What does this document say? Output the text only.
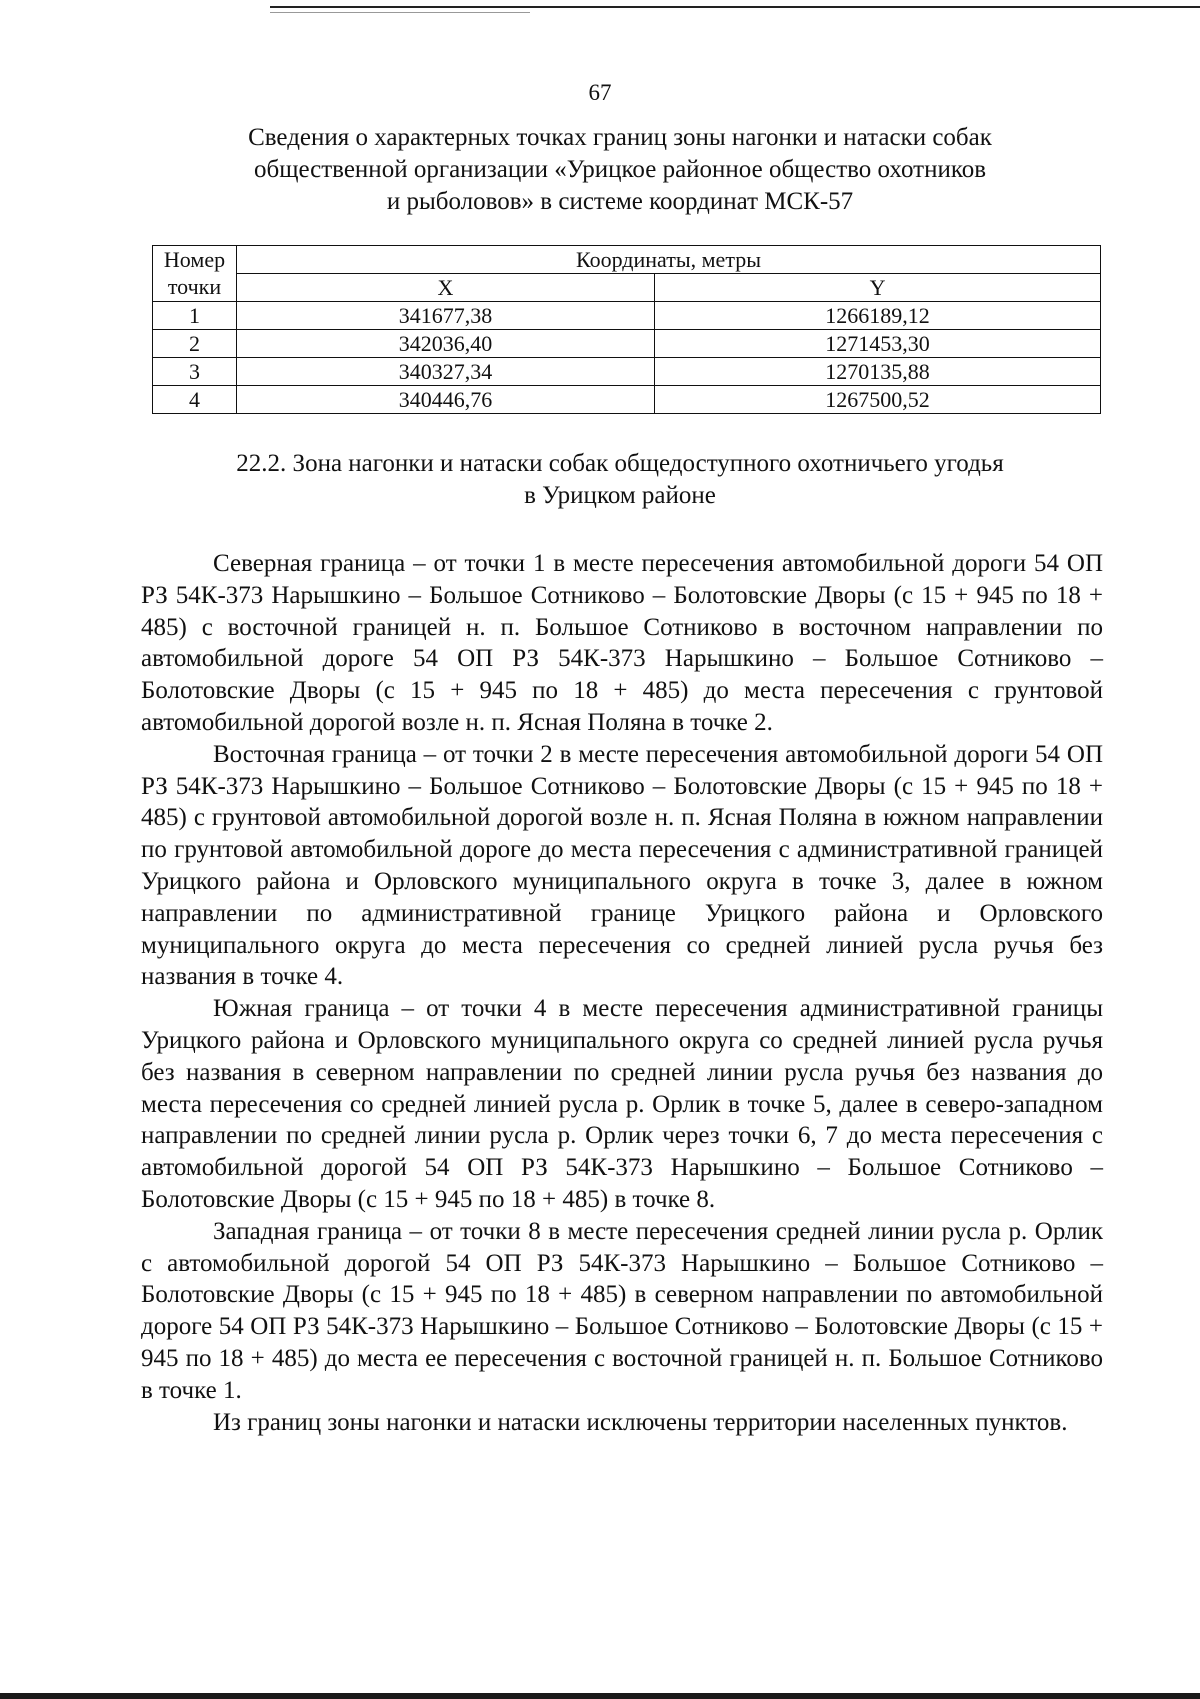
67
Сведения о характерных точках границ зоны нагонки и натаски собак
общественной организации «Урицкое районное общество охотников
и рыболовов» в системе координат МСК-57
Номер	Координаты, метры	
точки	X	Y
1	341677,38	1266189,12
2	342036,40	1271453,30
3	340327,34	1270135,88
4	340446,76	1267500,52
22.2. Зона нагонки и натаски собак общедоступного охотничьего угодья
в Урицком районе

Северная граница – от точки 1 в месте пересечения автомобильной дороги 54 ОП РЗ 54К-373 Нарышкино – Большое Сотниково – Болотовские Дворы (с 15 + 945 по 18 + 485) с восточной границей н. п. Большое Сотниково в восточном направлении по автомобильной дороге 54 ОП РЗ 54К-373 Нарышкино – Большое Сотниково – Болотовские Дворы (с 15 + 945 по 18 + 485) до места пересечения с грунтовой автомобильной дорогой возле н. п. Ясная Поляна в точке 2.

Восточная граница – от точки 2 в месте пересечения автомобильной дороги 54 ОП РЗ 54К-373 Нарышкино – Большое Сотниково – Болотовские Дворы (с 15 + 945 по 18 + 485) с грунтовой автомобильной дорогой возле н. п. Ясная Поляна в южном направлении по грунтовой автомобильной дороге до места пересечения с административной границей Урицкого района и Орловского муниципального округа в точке 3, далее в южном направлении по административной границе Урицкого района и Орловского муниципального округа до места пересечения со средней линией русла ручья без названия в точке 4.

Южная граница – от точки 4 в месте пересечения административной границы Урицкого района и Орловского муниципального округа со средней линией русла ручья без названия в северном направлении по средней линии русла ручья без названия до места пересечения со средней линией русла р. Орлик в точке 5, далее в северо-западном направлении по средней линии русла р. Орлик через точки 6, 7 до места пересечения с автомобильной дорогой 54 ОП РЗ 54К-373 Нарышкино – Большое Сотниково – Болотовские Дворы (с 15 + 945 по 18 + 485) в точке 8.

Западная граница – от точки 8 в месте пересечения средней линии русла р. Орлик с автомобильной дорогой 54 ОП РЗ 54К-373 Нарышкино – Большое Сотниково – Болотовские Дворы (с 15 + 945 по 18 + 485) в северном направлении по автомобильной дороге 54 ОП РЗ 54К-373 Нарышкино – Большое Сотниково – Болотовские Дворы (с 15 + 945 по 18 + 485) до места ее пересечения с восточной границей н. п. Большое Сотниково в точке 1.

Из границ зоны нагонки и натаски исключены территории населенных пунктов.
